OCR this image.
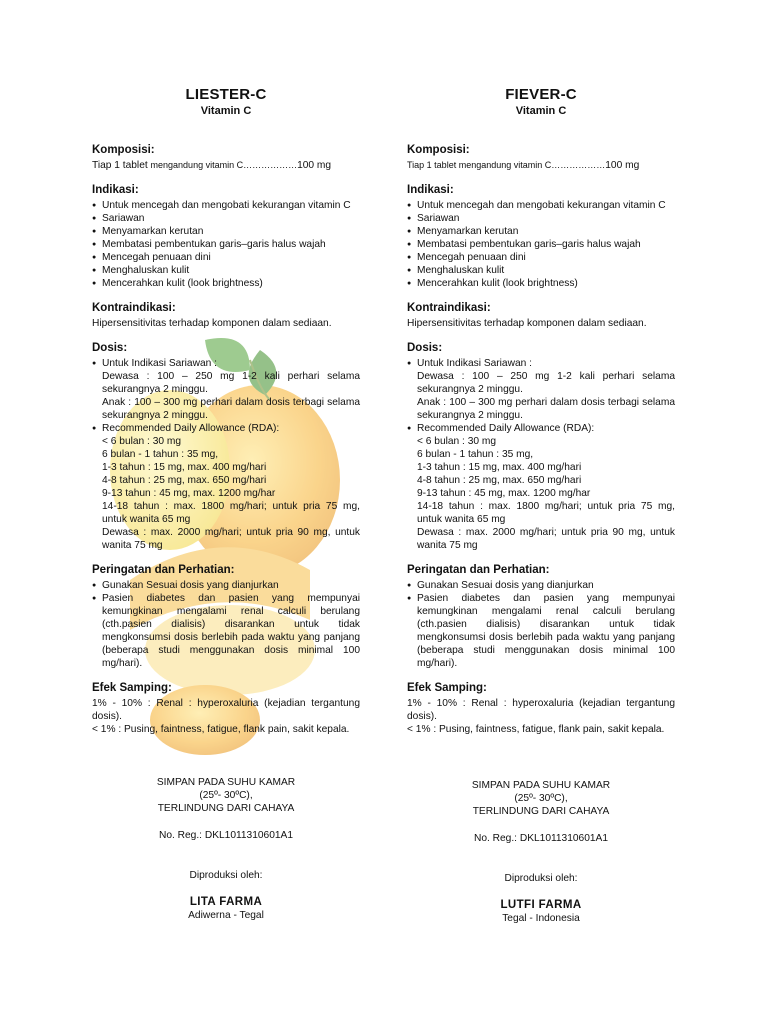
LIESTER-C
Vitamin C
Komposisi:

Tiap 1 tablet mengandung vitamin C………………100 mg

Indikasi:
● Untuk mencegah dan mengobati kekurangan vitamin C
● Sariawan
● Menyamarkan kerutan
● Membatasi pembentukan garis–garis halus wajah
● Mencegah penuaan dini
● Menghaluskan kulit
● Mencerahkan kulit (look brightness)
Kontraindikasi:

Hipersensitivitas terhadap komponen dalam sediaan.

Dosis:
● Untuk Indikasi Sariawan :
Dewasa : 100 – 250 mg 1-2 kali perhari selama sekurangnya 2 minggu.
Anak : 100 – 300 mg perhari dalam dosis terbagi selama sekurangnya 2 minggu.
● Recommended Daily Allowance (RDA):
< 6 bulan : 30 mg
6 bulan - 1 tahun : 35 mg,
1-3 tahun : 15 mg, max. 400 mg/hari
4-8 tahun : 25 mg, max. 650 mg/hari
9-13 tahun : 45 mg, max. 1200 mg/har
14-18 tahun : max. 1800 mg/hari; untuk pria 75 mg, untuk wanita 65 mg
Dewasa : max. 2000 mg/hari; untuk pria 90 mg, untuk wanita 75 mg
Peringatan dan Perhatian:
● Gunakan Sesuai dosis yang dianjurkan
● Pasien diabetes dan pasien yang mempunyai kemungkinan mengalami renal calculi berulang (cth.pasien dialisis) disarankan untuk tidak mengkonsumsi dosis berlebih pada waktu yang panjang (beberapa studi menggunakan dosis minimal 100 mg/hari).
Efek Samping:

1% - 10% : Renal : hyperoxaluria (kejadian tergantung dosis).

< 1% : Pusing, faintness, fatigue, flank pain, sakit kepala.

SIMPAN PADA SUHU KAMAR
(25º- 30ºC),
TERLINDUNG DARI CAHAYA
No. Reg.: DKL1011310601A1
Diproduksi oleh:
LITA FARMA
Adiwerna - Tegal
FIEVER-C
Vitamin C
Komposisi:

Tiap 1 tablet mengandung vitamin C………………100 mg

Indikasi:
● Untuk mencegah dan mengobati kekurangan vitamin C
● Sariawan
● Menyamarkan kerutan
● Membatasi pembentukan garis–garis halus wajah
● Mencegah penuaan dini
● Menghaluskan kulit
● Mencerahkan kulit (look brightness)
Kontraindikasi:

Hipersensitivitas terhadap komponen dalam sediaan.

Dosis:
● Untuk Indikasi Sariawan :
Dewasa : 100 – 250 mg 1-2 kali perhari selama sekurangnya 2 minggu.
Anak : 100 – 300 mg perhari dalam dosis terbagi selama sekurangnya 2 minggu.
● Recommended Daily Allowance (RDA):
< 6 bulan : 30 mg
6 bulan - 1 tahun : 35 mg,
1-3 tahun : 15 mg, max. 400 mg/hari
4-8 tahun : 25 mg, max. 650 mg/hari
9-13 tahun : 45 mg, max. 1200 mg/har
14-18 tahun : max. 1800 mg/hari; untuk pria 75 mg, untuk wanita 65 mg
Dewasa : max. 2000 mg/hari; untuk pria 90 mg, untuk wanita 75 mg
Peringatan dan Perhatian:
● Gunakan Sesuai dosis yang dianjurkan
● Pasien diabetes dan pasien yang mempunyai kemungkinan mengalami renal calculi berulang (cth.pasien dialisis) disarankan untuk tidak mengkonsumsi dosis berlebih pada waktu yang panjang (beberapa studi menggunakan dosis minimal 100 mg/hari).
Efek Samping:

1% - 10% : Renal : hyperoxaluria (kejadian tergantung dosis).

< 1% : Pusing, faintness, fatigue, flank pain, sakit kepala.

SIMPAN PADA SUHU KAMAR
(25º- 30ºC),
TERLINDUNG DARI CAHAYA
No. Reg.: DKL1011310601A1
Diproduksi oleh:
LUTFI FARMA
Tegal - Indonesia
